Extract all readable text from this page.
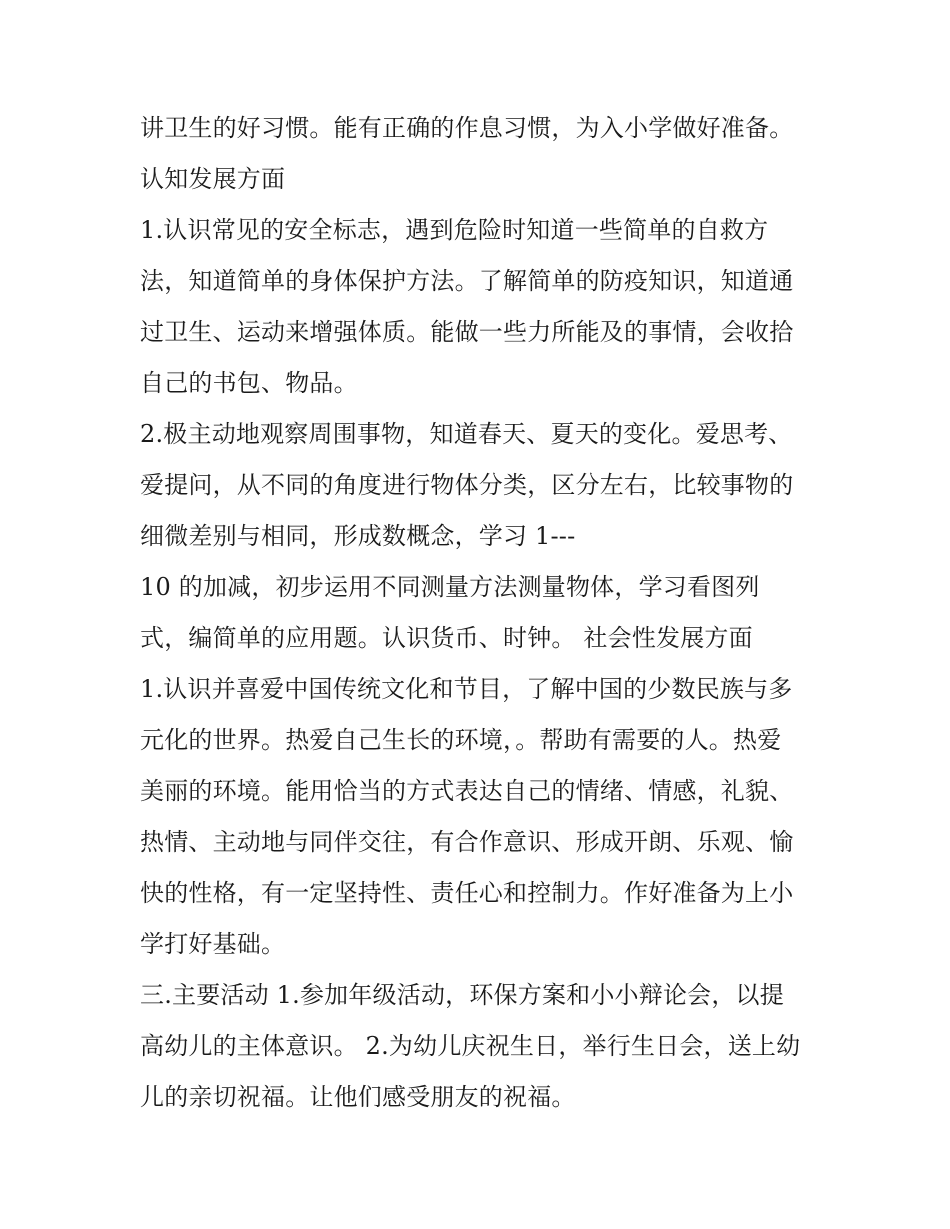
讲卫生的好习惯。能有正确的作息习惯，为入小学做好准备。
认知发展方面
1.认识常见的安全标志，遇到危险时知道一些简单的自救方
法，知道简单的身体保护方法。了解简单的防疫知识，知道通
过卫生、运动来增强体质。能做一些力所能及的事情，会收拾
自己的书包、物品。
2.极主动地观察周围事物，知道春天、夏天的变化。爱思考、
爱提问，从不同的角度进行物体分类，区分左右，比较事物的
细微差别与相同，形成数概念，学习 1---
10 的加减，初步运用不同测量方法测量物体，学习看图列
式，编简单的应用题。认识货币、时钟。 社会性发展方面
1.认识并喜爱中国传统文化和节目，了解中国的少数民族与多
元化的世界。热爱自己生长的环境，。帮助有需要的人。热爱
美丽的环境。能用恰当的方式表达自己的情绪、情感，礼貌、
热情、主动地与同伴交往，有合作意识、形成开朗、乐观、愉
快的性格，有一定坚持性、责任心和控制力。作好准备为上小
学打好基础。
三.主要活动 1.参加年级活动，环保方案和小小辩论会，以提
高幼儿的主体意识。 2.为幼儿庆祝生日，举行生日会，送上幼
儿的亲切祝福。让他们感受朋友的祝福。
